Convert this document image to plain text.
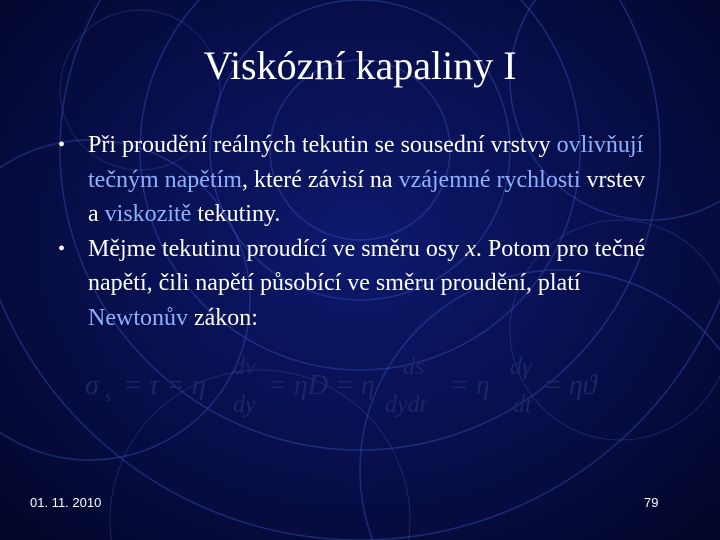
Viskózní kapaliny I
• Při proudění reálných tekutin se sousední vrstvy ovlivňují tečným napětím, které závisí na vzájemné rychlosti vrstev a viskozitě tekutiny.
• Mějme tekutinu proudící ve směru osy x. Potom pro tečné napětí, čili napětí působící ve směru proudění, platí Newtonův zákon:
σ s = τ = η
dv
dy
= ηD = η
ds
dydt
= η
dγ
dt
= ηϑ
01. 11. 2010	79
